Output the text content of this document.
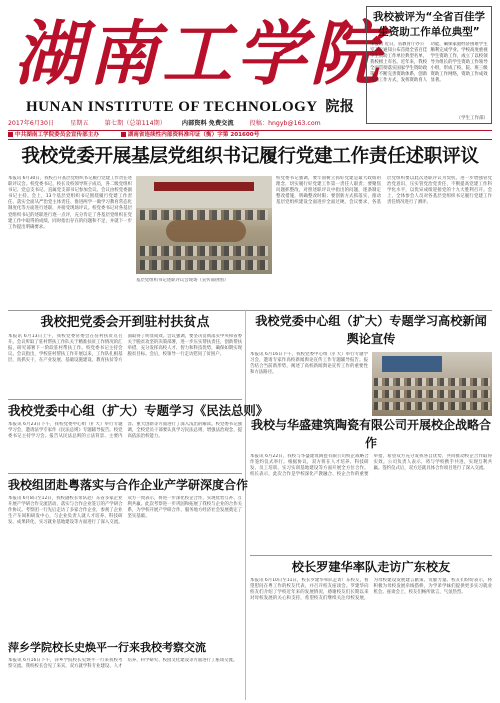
湖南工学院
HUNAN INSTITUTE OF TECHNOLOGY 院报
我校被评为“全省百佳学生资助工作单位典型”
本报讯 近日，省教育厅办公室下发通知公布首批全省百佳学生资助工作单位典型名单，我校榜上有名。近年来，我校全面贯彻落实国家学生资助政策，不断完善资助体系，创新资助工作方式，发挥资助育人功能，确保家庭经济困难学生顺利完成学业。学校高度重视学生资助工作，成立了以校领导为组长的学生资助工作领导小组，形成了校、院、班三级资助工作网络，资助工作成效显著。
（学生工作部）
2017年6月30日	星期五	第七期（总第114期）	内部资料 免费交流	投稿：hngyb@163.com
中共湖南工学院委员会宣传部主办	湖南省连续性内部资料准印证（衡）字第 201600号
我校党委开展基层党组织书记履行党建工作责任述职评议
本报讯 6月30日，我校召开基层党组织书记履行党建工作责任述职评议会。校党委书记、校长及校领导班子成员，各二级党组织书记、党总支书记、直属党支部书记参加会议。会议由校党委副书记主持。会上，13个基层党组织书记围绕履行党建工作责任、落实全面从严治党主体责任、推进两学一做学习教育常态化制度化等方面进行述职，并接受现场评议。校党委书记对各基层党组织书记的述职进行逐一点评，充分肯定了各基层党组织在党建工作中取得的成绩，同时指出存在的问题和不足，并就下一步工作提出明确要求。
基层党组织书记述职评议会现场（宣传部供图）
校党委书记强调，要牢固树立抓好党建是最大政绩的理念，切实履行好党建工作第一责任人职责；要聚焦问题抓整改，对照述职评议中指出的问题，逐条制定整改措施，明确整改时限；要创新方式抓落实，推动基层党组织建设全面进步全面过硬。会议要求，各基层党组织要以此次述职评议为契机，进一步增强管党治党意识，压实管党治党责任，不断提高党建工作科学化水平，以优异成绩迎接党的十九大胜利召开。会上，全体参会人员对各基层党组织书记履行党建工作责任情况进行了测评。
我校把党委会开到驻村扶贫点
本报讯 6月13日上午，我校党委常委会在驻村扶贫点召开。会议听取了驻村帮扶工作队关于精准扶贫工作情况的汇报，研究部署下一阶段驻村帮扶工作。校党委书记主持会议。会议指出，学校驻村帮扶工作开展以来，工作队扎根基层，真抓实干，在产业发展、基础设施建设、教育扶贫等方面取得了明显成效。会议强调，要坚决贯彻落实中央和省委关于脱贫攻坚的决策部署，进一步压实帮扶责任，创新帮扶举措，充分发挥高校人才、智力和科技优势，确保如期实现脱贫目标。会后，校领导一行走访慰问了贫困户。
我校党委中心组（扩大）专题学习《民法总则》
本报讯 6月23日下午，我校党委中心组（扩大）举行专题学习会，邀请法学专家作《民法总则》专题辅导报告。校党委书记主持学习会。报告从民法总则的立法背景、主要内容、重大创新等方面进行了深入浅出的解读。校党委书记强调，全校党员干部要认真学习民法总则，增强法治观念，提高依法治校能力。
我校组团赴粤落实与合作企业产学研深度合作
本报讯 6月8日至12日，我校副校长带队赴广东省多家企业开展产学研合作交流活动，落实与合作企业签订的产学研合作协议。考察团一行先后走访了多家合作企业，参观了企业生产车间和研发中心，与企业负责人就人才培养、科技研发、成果转化、实习就业基地建设等方面进行了深入交流。双方一致表示，将进一步深化校企合作，实现优势互补、互利共赢。此次考察进一步巩固和拓展了我校与企业的合作关系，为学校开展产学研合作、服务地方经济社会发展奠定了坚实基础。
萍乡学院校长史焕平一行来我校考察交流
本报讯 6月16日下午，萍乡学院校长史焕平一行来我校考察交流。我校校长会见了来宾，双方就学科专业建设、人才培养、科学研究、校园文化建设等方面进行了座谈交流。
我校党委中心组（扩大）专题学习高校新闻舆论宣传
本报讯 6月16日下午，我校党委中心组（扩大）举行专题学习会，邀请专家作高校新闻舆论宣传工作专题辅导报告。报告结合当前新形势，阐述了高校新闻舆论宣传工作的重要性和方法路径。
我校与华盛建筑陶瓷有限公司开展校企战略合作
本报讯 6月22日，我校与华盛建筑陶瓷有限公司校企战略合作签约仪式举行。根据协议，双方将在人才培养、科技研发、员工培训、实习实训基地建设等方面开展全方位合作。校长表示，此次合作是学校深化产教融合、校企合作的重要举措，希望双方充分发挥各自优势，共同推动校企合作取得实效。公司负责人表示，将与学校携手共进，实现互利共赢。签约仪式后，双方还就具体合作项目进行了深入交流。
校长罗建华率队走访广东校友
本报讯 6月10日至11日，校长罗建华率队走访广东校友，看望慰问在粤工作的校友代表，并召开校友座谈会。罗建华向校友们介绍了学校近年来的发展情况，感谢校友们长期以来对母校发展的关心和支持，希望校友们继续关注母校发展，为母校建设发展建言献策、贡献力量。校友们纷纷表示，将积极为母校发展牵线搭桥，为学弟学妹们提供更多实习就业机会。座谈会上，校友们畅所欲言，气氛热烈。
